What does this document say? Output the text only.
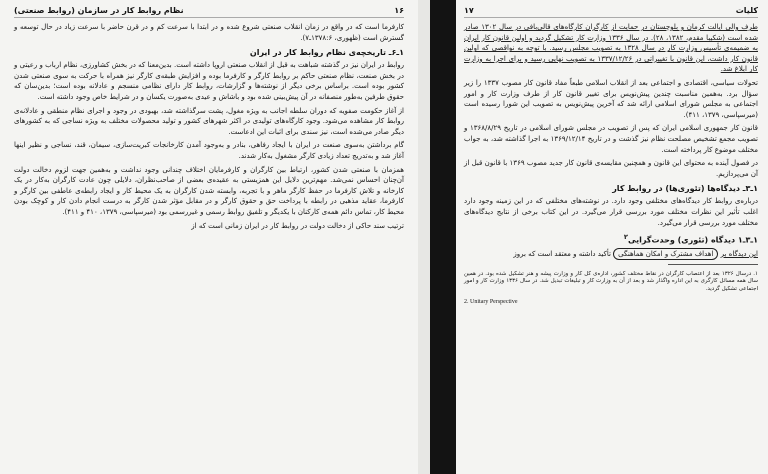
۱۶
نظام روابط کار در سازمان (روابط صنعتی)

کارفرما است که در واقع در زمان انقلاب صنعتی شروع شده و در ابتدا با سرعت کم و در قرن حاضر با سرعت زیاد در حال توسعه و گسترش است (ظهوری، ۱۳۷۸:۶ـ۷).

۱ـ۶ـ تاریخچه‌ی نظام روابط کار در ایران

روابط در ایران نیز در گذشته شباهت به قبل از انقلاب صنعتی اروپا داشته است. بدین‌معنا که در بخش کشاورزی، نظام ارباب و رعیتی و در بخش صنعت، نظام صنعتی حاکم بر روابط کارگر و کارفرما بوده و افزایش طبقه‌ی کارگر نیز همراه با حرکت به سوی صنعتی شدن کشور بوده است. براساس برخی دیگر از نوشته‌ها و گزارشات، روابط کار دارای نظامی منسجم و عادلانه بوده است؛ بدین‌سان که حقوق طرفین به‌طور منصفانه در آن پیش‌بینی شده بود و باشاش و عیدی به‌صورت یکسان و در شرایط خاص وجود داشته است.

از آغاز حکومت صفویه که دوران سلطه اجانب به ویژه مغول، پشت سرگذاشته شد، بهبودی در وجود و اجرای نظام منطقی و عادلانه‌ی روابط کار مشاهده می‌شود. وجود کارگاه‌های تولیدی در اکثر شهرهای کشور و تولید محصولات مختلف به ویژه نساجی که به کشورهای دیگر صادر می‌شده است، نیز سندی برای اثبات این ادعاست.

گام برداشتن به‌سوی صنعت در ایران با ایجاد رفاهی، بنادر و به‌وجود آمدن کارخانجات کبریت‌سازی، سیمان، قند، نساجی و نظیر اینها آغاز شد و به‌تدریج تعداد زیادی کارگر مشغول به‌کار شدند.

همزمان با صنعتی شدن کشور، ارتباط بین کارگران و کارفرمایان اختلاف چندانی وجود نداشت و به‌همین جهت لزوم دخالت دولت آن‌چنان احساس نمی‌شد. مهم‌ترین دلایل این همزیستی به عقیده‌ی بعضی از صاحب‌نظران، دلایلی چون عادت کارگران به‌کار در یک کارخانه و تلاش کارفرما در حفظ کارگر ماهر و با تجربه، وابسته شدن کارگران به یک محیط کار و ایجاد رابطه‌ی عاطفی بین کارگر و کارفرما، عقاید مذهبی در رابطه با پرداخت حق و حقوق کارگر و در مقابل مؤثر شدن کارگر به درست انجام دادن کار و کوچک بودن محیط کار، تماس دائم همه‌ی کارکنان با یکدیگر و تلفیق روابط رسمی و غیررسمی بود (میرسپاسی، ۱۳۷۹، ۴۱۰ و ۴۱۱).

ترتیب سند حاکی از دخالت دولت در روابط کار در ایران زمانی است که از

کلیات
۱۷

طرف والی ایالت کرمان و بلوچستان در حمایت از کارگران کارگاه‌های قالی‌بافی در سال ۱۳۰۲ صادر شده است (شکیبا مقدم، ۱۳۸۲، ۲۸). در سال ۱۳۳۶ وزارت کار تشکیل گردید و اولین قانون کار ایران به ضمیمه‌ی تأسیس وزارت کار در سال ۱۳۲۸ به تصویب مجلس رسید. با توجه به نواقصی که اولین قانون کار داشت، این قانون با تغییراتی در ۱۳۳۷/۱۲/۲۶ به تصویب نهایی رسید و برای اجرا به وزارت کار ابلاغ شد.

تحولات سیاسی، اقتصادی و اجتماعی بعد از انقلاب اسلامی طبعاً مفاد قانون کار مصوب ۱۳۳۷ را زیر سؤال برد. به‌همین مناسبت چندین پیش‌نویس برای تغییر قانون کار از طرف وزارت کار و امور اجتماعی به مجلس شورای اسلامی ارائه شد که آخرین پیش‌نویس به تصویب این شورا رسیده است (میرسپاسی، ۱۳۷۹، ۴۱۱).

قانون کار جمهوری اسلامی ایران که پس از تصویب در مجلس شورای اسلامی در تاریخ ۱۳۶۸/۸/۲۹ و تصویب مجمع تشخیص مصلحت نظام نیز گذشت و در تاریخ ۱۳۶۹/۱۲/۱۴ به اجرا گذاشته شد، به جواب مختلف موضوع کار پرداخته است.

در فصول آینده به محتوای این قانون و همچنین مقایسه‌ی قانون کار جدید مصوب ۱۳۶۹ با قانون قبل از آن می‌پردازیم.

۱ـ۳ـ دیدگاه‌ها (تئوری‌ها) در روابط کار

درباره‌ی روابط کار دیدگاه‌های مختلفی وجود دارد. در نوشته‌های مختلفی که در این زمینه وجود دارد اغلب تأثیر این نظرات مختلف مورد بررسی قرار می‌گیرد. در این کتاب برخی از نتایج دیدگاه‌های مختلف مورد بررسی قرار می‌گیرد.

۱ـ۳ـ۱ دیدگاه (تئوری) وحدت‌گرایی$^۲$

این دیدگاه بر اهداف مشترک و امکان هماهنگی تأکید داشته و معتقد است که بروز

۱. درسال ۱۳۲۶ بعد از اعتصاب کارگران در نقاط مختلف کشور، اداره‌ی کل کار و وزارت پیشه و هنر تشکیل شده بود. در همین سال همه مسائل کارگری به این اداره واگذار شد و بعد از آن به وزارت کار و تبلیغات تبدیل شد. در سال ۱۳۳۶ وزارت کار و امور اجتماعی تشکیل گردید.

2. Unitary Perspective
